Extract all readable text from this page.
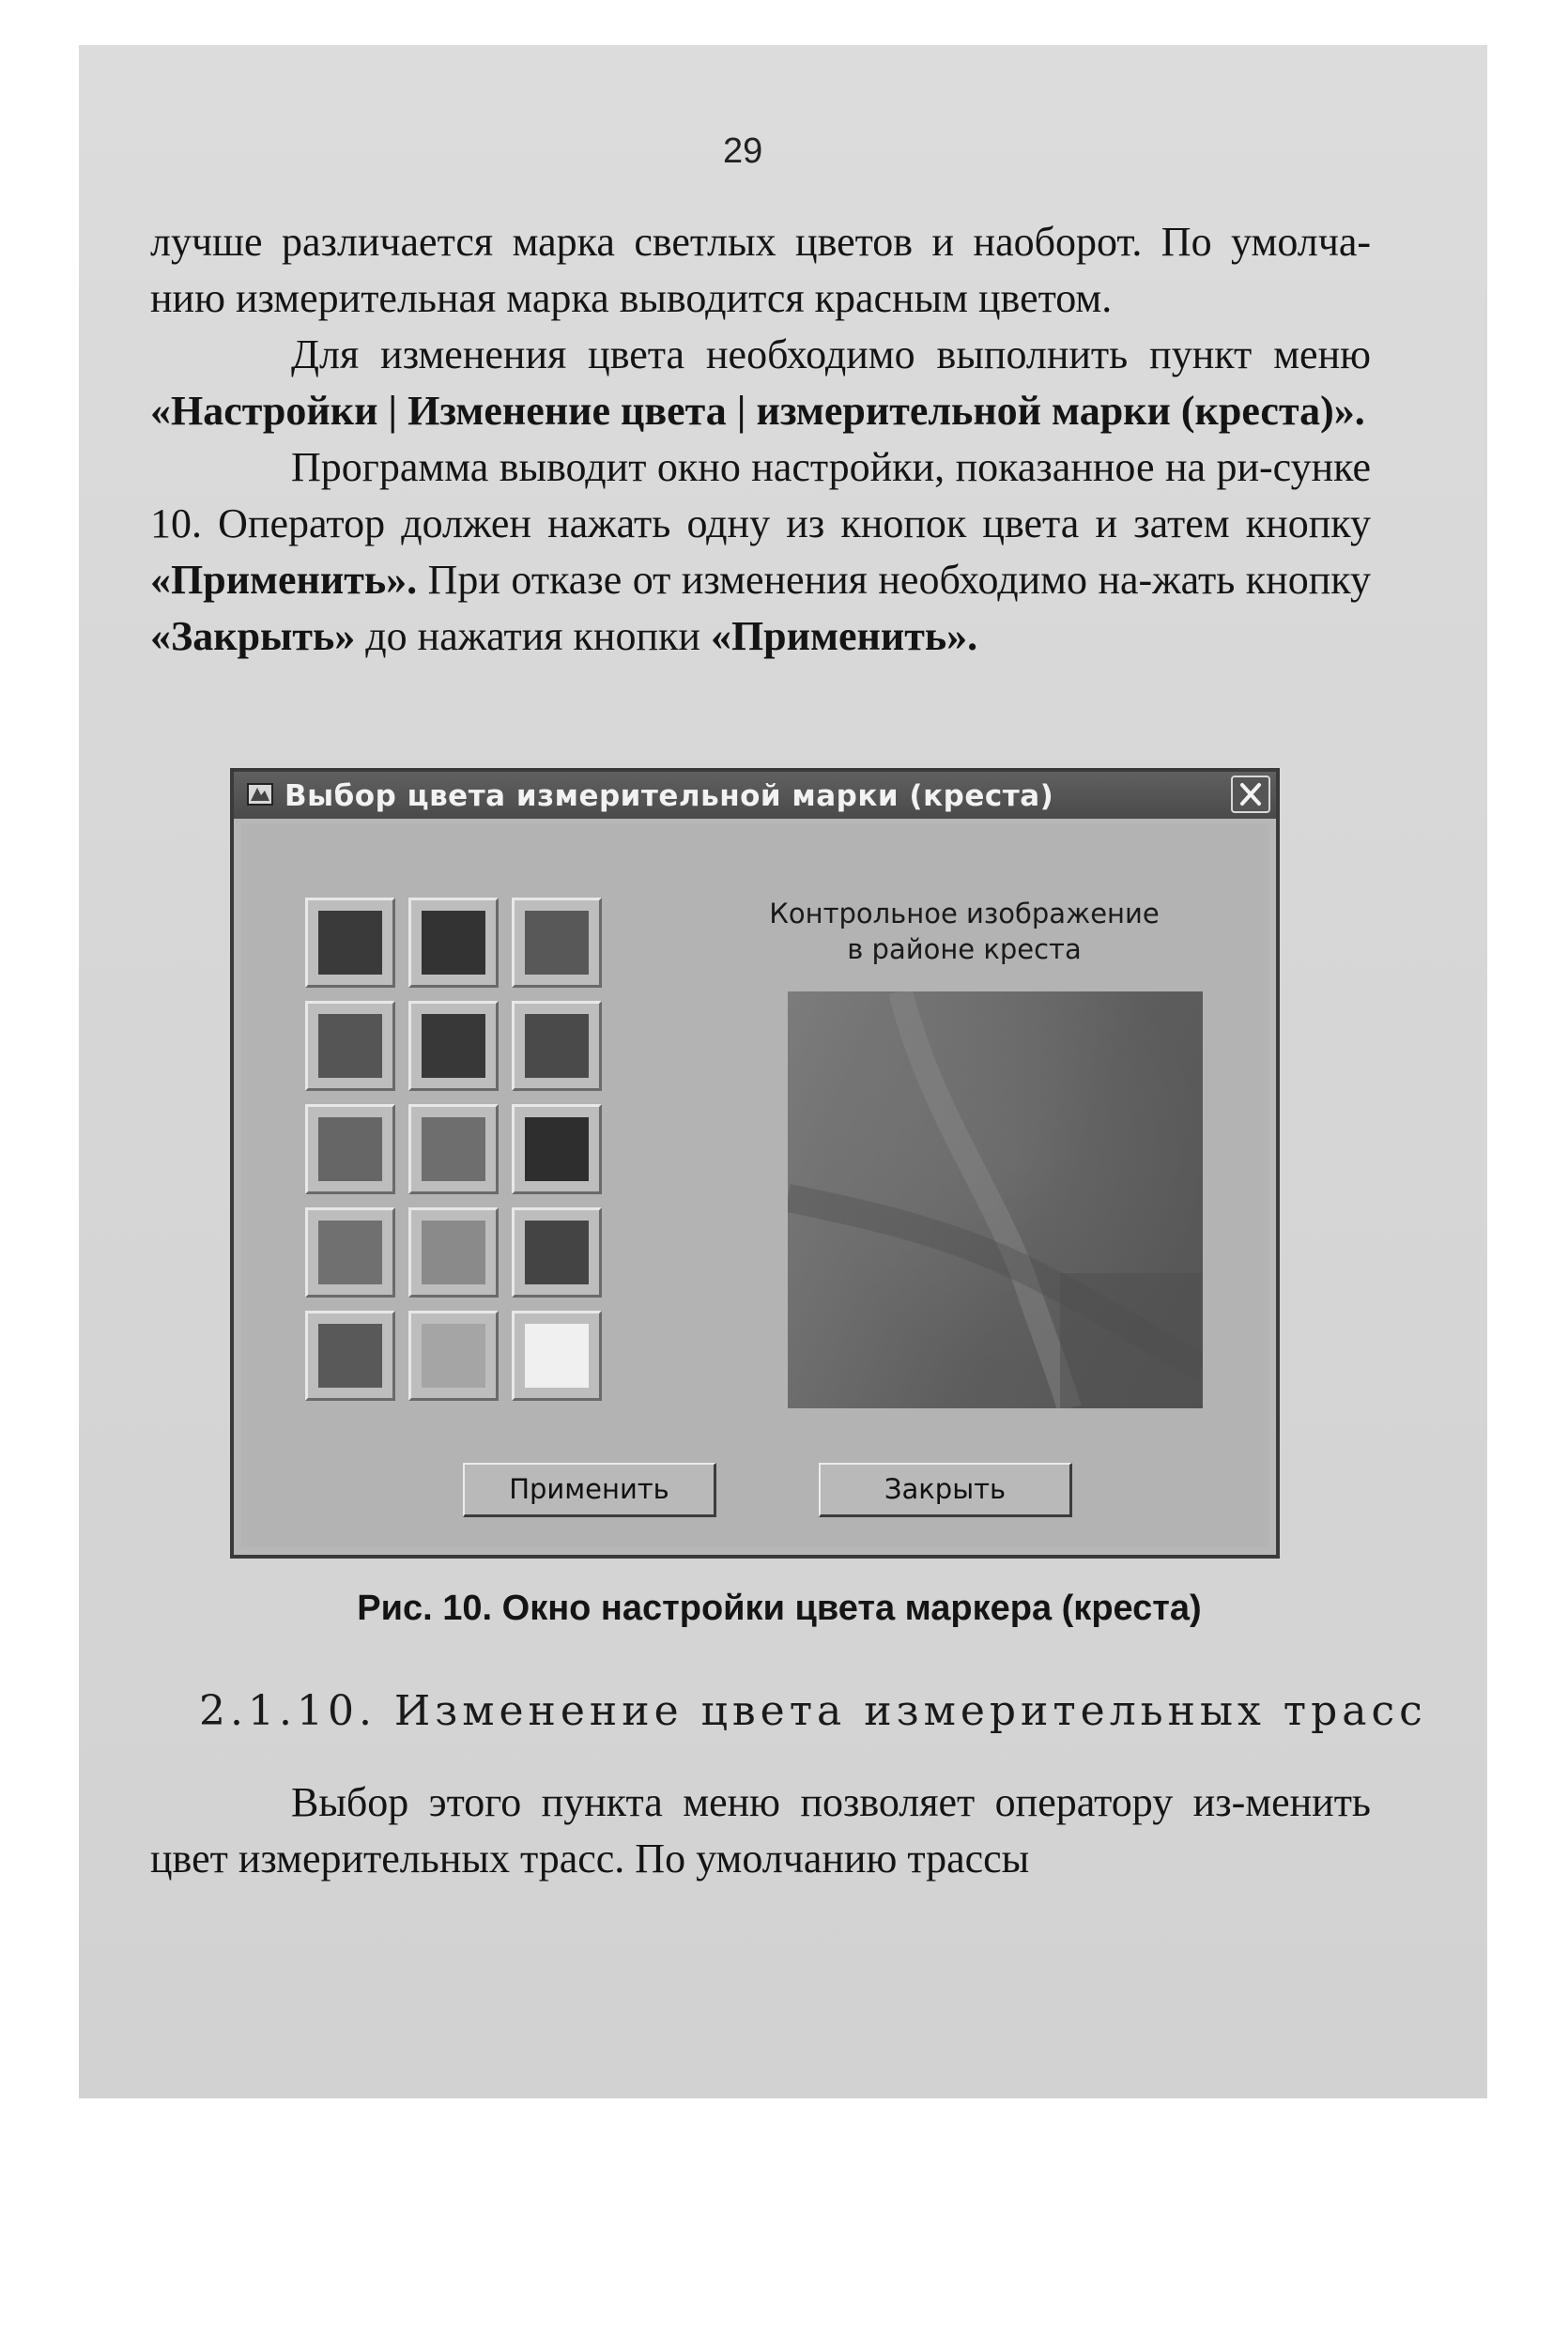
29

лучше различается марка светлых цветов и наоборот. По умолча-нию измерительная марка выводится красным цветом.

Для изменения цвета необходимо выполнить пункт меню «Настройки | Изменение цвета | измерительной марки (креста)».

Программа выводит окно настройки, показанное на ри-сунке 10. Оператор должен нажать одну из кнопок цвета и затем кнопку «Применить». При отказе от изменения необходимо на-жать кнопку «Закрыть» до нажатия кнопки «Применить».

Выбор цвета измерительной марки (креста)
Контрольное изображение
в районе креста
Применить	Закрыть
Рис. 10. Окно настройки цвета маркера (креста)
2.1.10. Изменение цвета измерительных трасс

Выбор этого пункта меню позволяет оператору из-менить цвет измерительных трасс. По умолчанию трассы
